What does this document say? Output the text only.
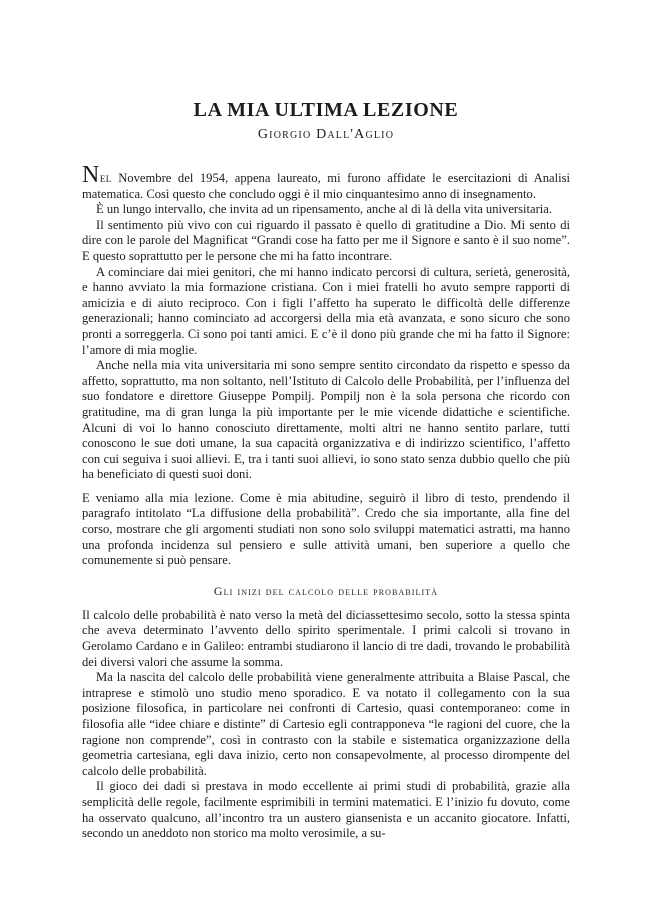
LA MIA ULTIMA LEZIONE
Giorgio Dall'Aglio

Nel Novembre del 1954, appena laureato, mi furono affidate le esercitazioni di Analisi matematica. Così questo che concludo oggi è il mio cinquantesimo anno di insegnamento.

È un lungo intervallo, che invita ad un ripensamento, anche al di là della vita universitaria.

Il sentimento più vivo con cui riguardo il passato è quello di gratitudine a Dio. Mi sento di dire con le parole del Magnificat “Grandi cose ha fatto per me il Signore e santo è il suo nome”. E questo soprattutto per le persone che mi ha fatto incontrare.

A cominciare dai miei genitori, che mi hanno indicato percorsi di cultura, serietà, generosità, e hanno avviato la mia formazione cristiana. Con i miei fratelli ho avuto sempre rapporti di amicizia e di aiuto reciproco. Con i figli l’affetto ha superato le difficoltà delle differenze generazionali; hanno cominciato ad accorgersi della mia età avanzata, e sono sicuro che sono pronti a sorreggerla. Ci sono poi tanti amici. E c’è il dono più grande che mi ha fatto il Signore: l’amore di mia moglie.

Anche nella mia vita universitaria mi sono sempre sentito circondato da rispetto e spesso da affetto, soprattutto, ma non soltanto, nell’Istituto di Calcolo delle Probabilità, per l’influenza del suo fondatore e direttore Giuseppe Pompilj. Pompilj non è la sola persona che ricordo con gratitudine, ma di gran lunga la più importante per le mie vicende didattiche e scientifiche. Alcuni di voi lo hanno conosciuto direttamente, molti altri ne hanno sentito parlare, tutti conoscono le sue doti umane, la sua capacità organizzativa e di indirizzo scientifico, l’affetto con cui seguiva i suoi allievi. E, tra i tanti suoi allievi, io sono stato senza dubbio quello che più ha beneficiato di questi suoi doni.

E veniamo alla mia lezione. Come è mia abitudine, seguirò il libro di testo, prendendo il paragrafo intitolato “La diffusione della probabilità”. Credo che sia importante, alla fine del corso, mostrare che gli argomenti studiati non sono solo sviluppi matematici astratti, ma hanno una profonda incidenza sul pensiero e sulle attività umani, ben superiore a quello che comunemente si può pensare.

Gli inizi del calcolo delle probabilità

Il calcolo delle probabilità è nato verso la metà del diciassettesimo secolo, sotto la stessa spinta che aveva determinato l’avvento dello spirito sperimentale. I primi calcoli si trovano in Gerolamo Cardano e in Galileo: entrambi studiarono il lancio di tre dadi, trovando le probabilità dei diversi valori che assume la somma.

Ma la nascita del calcolo delle probabilità viene generalmente attribuita a Blaise Pascal, che intraprese e stimolò uno studio meno sporadico. E va notato il collegamento con la sua posizione filosofica, in particolare nei confronti di Cartesio, quasi contemporaneo: come in filosofia alle “idee chiare e distinte” di Cartesio egli contrapponeva “le ragioni del cuore, che la ragione non comprende”, così in contrasto con la stabile e sistematica organizzazione della geometria cartesiana, egli dava inizio, certo non consapevolmente, al processo dirompente del calcolo delle probabilità.

Il gioco dei dadi si prestava in modo eccellente ai primi studi di probabilità, grazie alla semplicità delle regole, facilmente esprimibili in termini matematici. E l’inizio fu dovuto, come ha osservato qualcuno, all’incontro tra un austero giansenista e un accanito giocatore. Infatti, secondo un aneddoto non storico ma molto verosimile, a su-
